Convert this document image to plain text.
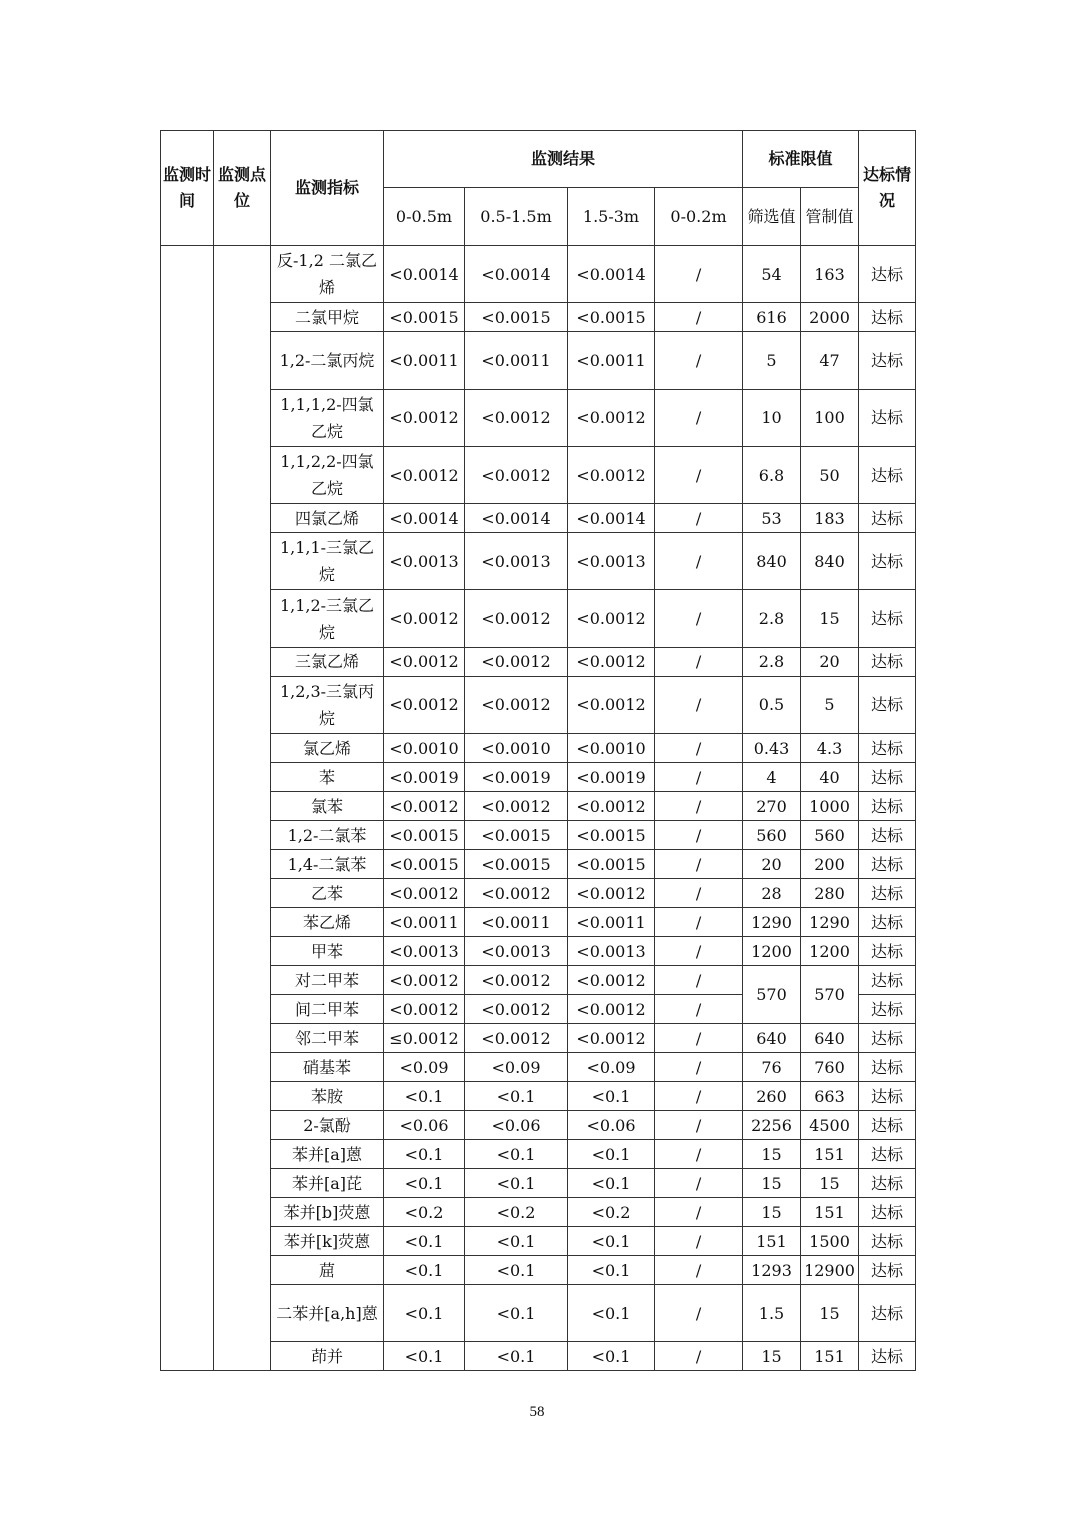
监测时间	监测点位	监测指标	监测结果				标准限值		达标情况
			0-0.5m	0.5-1.5m	1.5-3m	0-0.2m	筛选值	管制值	
		反-1,2 二氯乙烯	<0.0014	<0.0014	<0.0014	/	54	163	达标
		二氯甲烷	<0.0015	<0.0015	<0.0015	/	616	2000	达标
		1,2-二氯丙烷	<0.0011	<0.0011	<0.0011	/	5	47	达标
		1,1,1,2-四氯乙烷	<0.0012	<0.0012	<0.0012	/	10	100	达标
		1,1,2,2-四氯乙烷	<0.0012	<0.0012	<0.0012	/	6.8	50	达标
		四氯乙烯	<0.0014	<0.0014	<0.0014	/	53	183	达标
		1,1,1-三氯乙烷	<0.0013	<0.0013	<0.0013	/	840	840	达标
		1,1,2-三氯乙烷	<0.0012	<0.0012	<0.0012	/	2.8	15	达标
		三氯乙烯	<0.0012	<0.0012	<0.0012	/	2.8	20	达标
		1,2,3-三氯丙烷	<0.0012	<0.0012	<0.0012	/	0.5	5	达标
		氯乙烯	<0.0010	<0.0010	<0.0010	/	0.43	4.3	达标
		苯	<0.0019	<0.0019	<0.0019	/	4	40	达标
		氯苯	<0.0012	<0.0012	<0.0012	/	270	1000	达标
		1,2-二氯苯	<0.0015	<0.0015	<0.0015	/	560	560	达标
		1,4-二氯苯	<0.0015	<0.0015	<0.0015	/	20	200	达标
		乙苯	<0.0012	<0.0012	<0.0012	/	28	280	达标
		苯乙烯	<0.0011	<0.0011	<0.0011	/	1290	1290	达标
		甲苯	<0.0013	<0.0013	<0.0013	/	1200	1200	达标
		对二甲苯	<0.0012	<0.0012	<0.0012	/	570	570	达标
		间二甲苯	<0.0012	<0.0012	<0.0012	/			达标
		邻二甲苯	≤0.0012	<0.0012	<0.0012	/	640	640	达标
		硝基苯	<0.09	<0.09	<0.09	/	76	760	达标
		苯胺	<0.1	<0.1	<0.1	/	260	663	达标
		2-氯酚	<0.06	<0.06	<0.06	/	2256	4500	达标
		苯并[a]蒽	<0.1	<0.1	<0.1	/	15	151	达标
		苯并[a]芘	<0.1	<0.1	<0.1	/	15	15	达标
		苯并[b]荧蒽	<0.2	<0.2	<0.2	/	15	151	达标
		苯并[k]荧蒽	<0.1	<0.1	<0.1	/	151	1500	达标
		䓛	<0.1	<0.1	<0.1	/	1293	12900	达标
		二苯并[a,h]蒽	<0.1	<0.1	<0.1	/	1.5	15	达标
		茚并	<0.1	<0.1	<0.1	/	15	151	达标
58
